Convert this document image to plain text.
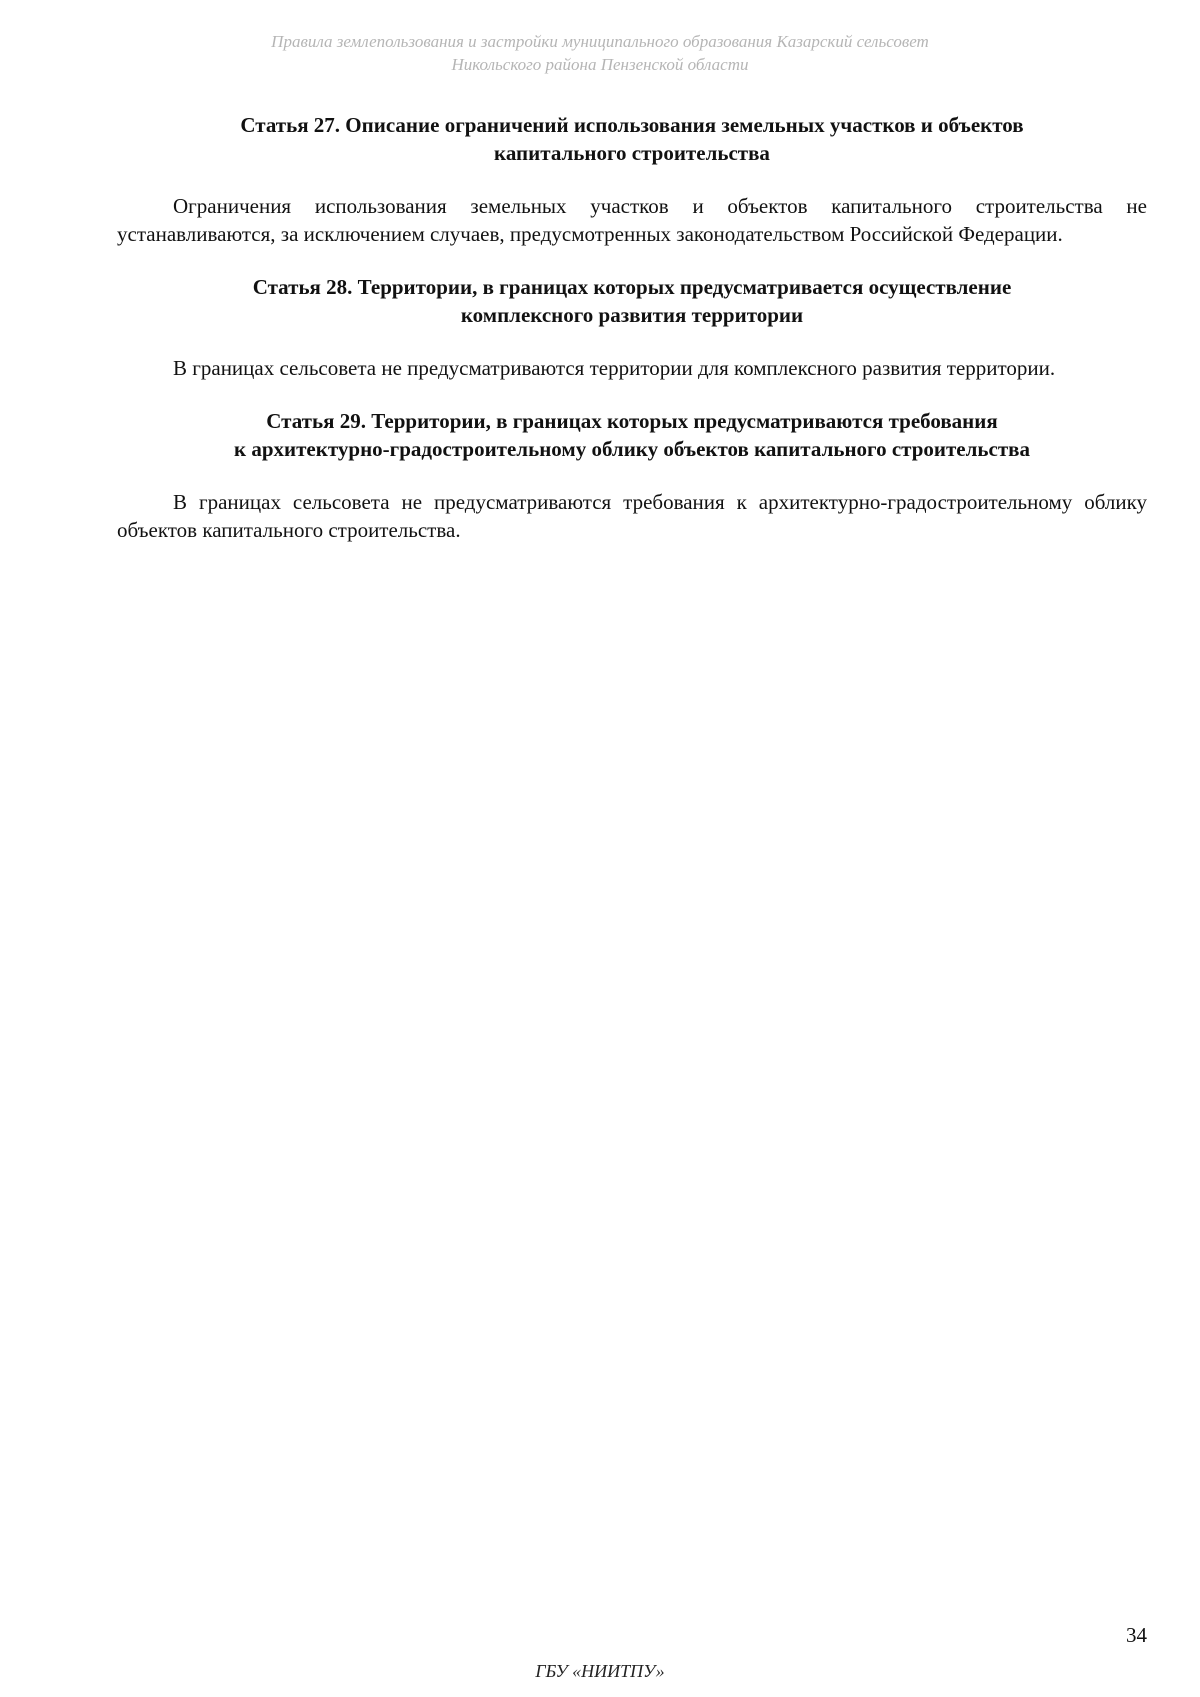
Правила землепользования и застройки муниципального образования Казарский сельсовет
Никольского района Пензенской области
Статья 27. Описание ограничений использования земельных участков и объектов
капитального строительства

Ограничения использования земельных участков и объектов капитального строительства не устанавливаются, за исключением случаев, предусмотренных законодательством Российской Федерации.

Статья 28. Территории, в границах которых предусматривается осуществление
комплексного развития территории

В границах сельсовета не предусматриваются территории для комплексного развития территории.

Статья 29. Территории, в границах которых предусматриваются требования
к архитектурно-градостроительному облику объектов капитального строительства

В границах сельсовета не предусматриваются требования к архитектурно-градостроительному облику объектов капитального строительства.

34
ГБУ «НИИТПУ»
